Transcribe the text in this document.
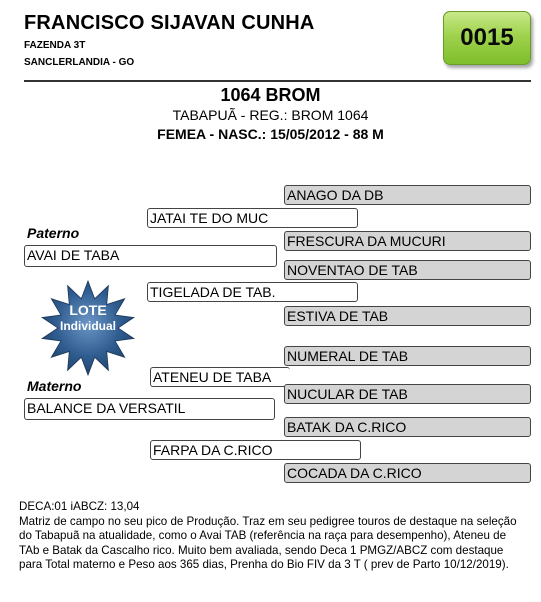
FRANCISCO SIJAVAN CUNHA
FAZENDA 3T
SANCLERLANDIA - GO
0015
1064 BROM
TABAPUÃ - REG.: BROM 1064
FEMEA - NASC.: 15/05/2012 - 88 M
ANAGO DA DB
JATAI TE DO MUC
FRESCURA DA MUCURI
Paterno
AVAI DE TABA
NOVENTAO DE TAB
TIGELADA DE TAB.
ESTIVA DE TAB
NUMERAL DE TAB
ATENEU DE TABA
NUCULAR DE TAB
Materno
BALANCE DA VERSATIL
BATAK DA C.RICO
FARPA DA C.RICO
COCADA DA C.RICO
LOTE
Individual
DECA:01 iABCZ: 13,04
Matriz de campo no seu pico de Produção. Traz em seu pedigree touros de destaque na seleção do Tabapuã na atualidade, como o Avai TAB (referência na raça para desempenho), Ateneu de TAb e Batak da Cascalho rico. Muito bem avaliada, sendo Deca 1 PMGZ/ABCZ com destaque para Total materno e Peso aos 365 dias, Prenha do Bio FIV da 3 T ( prev de Parto 10/12/2019).
